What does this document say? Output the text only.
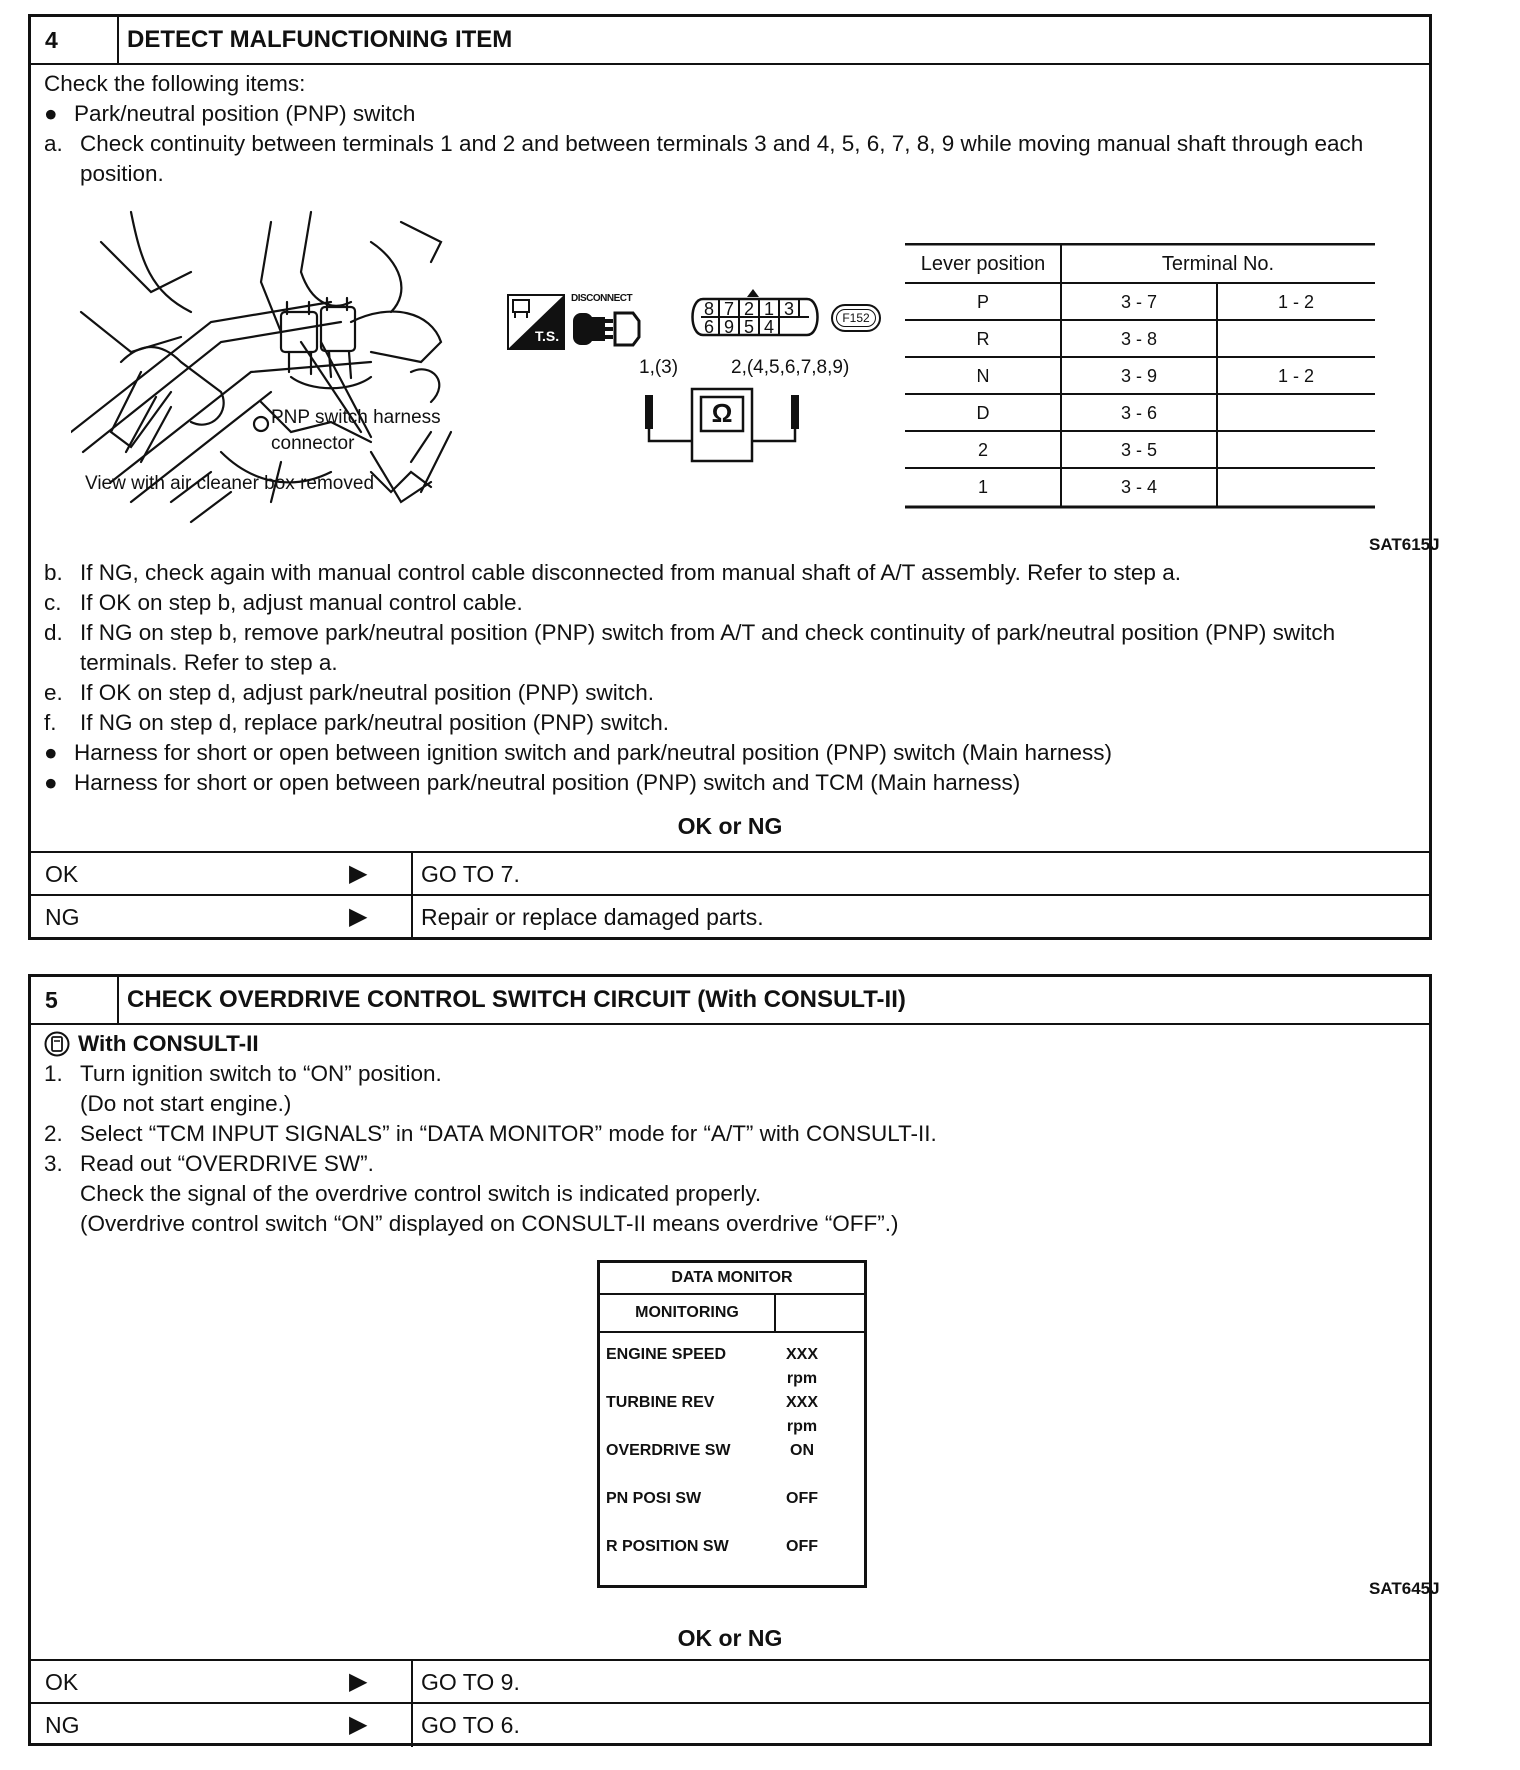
4	DETECT MALFUNCTIONING ITEM

Check the following items:

● Park/neutral position (PNP) switch
a. Check continuity between terminals 1 and 2 and between terminals 3 and 4, 5, 6, 7, 8, 9 while moving manual shaft through each position.
PNP switch harness
connector
View with air cleaner box removed
T.S.
DISCONNECT
8 7 2 1 3
6 9 5 4	F152
1,(3)	2,(4,5,6,7,8,9)
Ω
Lever position	Terminal No.	
P	3 - 7	1 - 2
R	3 - 8	
N	3 - 9	1 - 2
D	3 - 6	
2	3 - 5	
1	3 - 4	
SAT615J
b. If NG, check again with manual control cable disconnected from manual shaft of A/T assembly. Refer to step a.
c. If OK on step b, adjust manual control cable.
d. If NG on step b, remove park/neutral position (PNP) switch from A/T and check continuity of park/neutral position (PNP) switch terminals. Refer to step a.
e. If OK on step d, adjust park/neutral position (PNP) switch.
f.	If NG on step d, replace park/neutral position (PNP) switch.
● Harness for short or open between ignition switch and park/neutral position (PNP) switch (Main harness)
● Harness for short or open between park/neutral position (PNP) switch and TCM (Main harness)
OK or NG
OK	▶ GO TO 7.
NG	▶ Repair or replace damaged parts.
5	CHECK OVERDRIVE CONTROL SWITCH CIRCUIT (With CONSULT-II)
With CONSULT-II
1. Turn ignition switch to “ON” position.
(Do not start engine.)
2. Select “TCM INPUT SIGNALS” in “DATA MONITOR” mode for “A/T” with CONSULT-II.
3. Read out “OVERDRIVE SW”.
Check the signal of the overdrive control switch is indicated properly.
(Overdrive control switch “ON” displayed on CONSULT-II means overdrive “OFF”.)
DATA MONITOR
MONITORING
ENGINE SPEED	XXX rpm
TURBINE REV	XXX rpm
OVERDRIVE SW	ON
PN POSI SW	OFF
R POSITION SW	OFF
SAT645J
OK or NG
OK	▶ GO TO 9.
NG	▶ GO TO 6.
